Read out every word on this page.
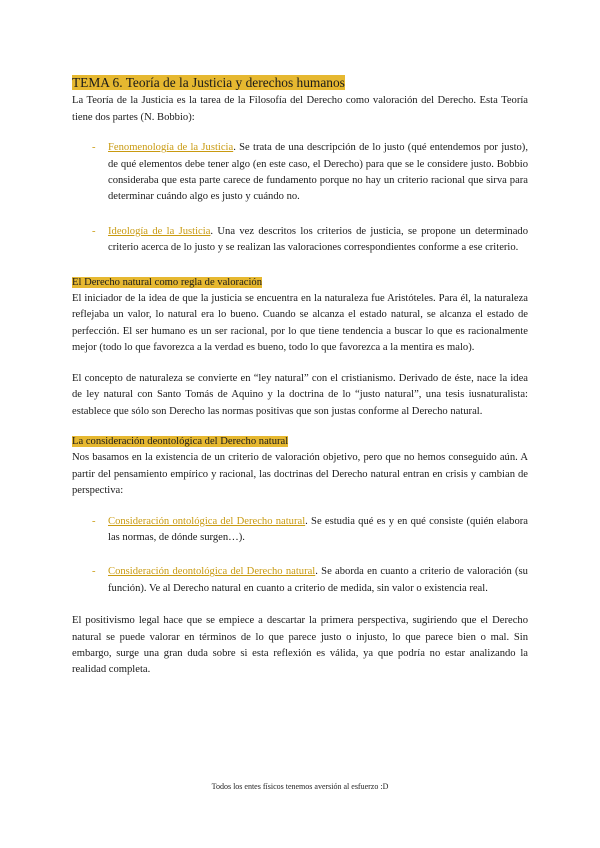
TEMA 6. Teoría de la Justicia y derechos humanos

La Teoría de la Justicia es la tarea de la Filosofía del Derecho como valoración del Derecho. Esta Teoría tiene dos partes (N. Bobbio):

- Fenomenología de la Justicia. Se trata de una descripción de lo justo (qué entendemos por justo), de qué elementos debe tener algo (en este caso, el Derecho) para que se le considere justo. Bobbio consideraba que esta parte carece de fundamento porque no hay un criterio racional que sirva para determinar cuándo algo es justo y cuándo no.
- Ideología de la Justicia. Una vez descritos los criterios de justicia, se propone un determinado criterio acerca de lo justo y se realizan las valoraciones correspondientes conforme a ese criterio.
El Derecho natural como regla de valoración

El iniciador de la idea de que la justicia se encuentra en la naturaleza fue Aristóteles. Para él, la naturaleza reflejaba un valor, lo natural era lo bueno. Cuando se alcanza el estado natural, se alcanza el estado de perfección. El ser humano es un ser racional, por lo que tiene tendencia a buscar lo que es racionalmente mejor (todo lo que favorezca a la verdad es bueno, todo lo que favorezca a la mentira es malo).

El concepto de naturaleza se convierte en “ley natural” con el cristianismo. Derivado de éste, nace la idea de ley natural con Santo Tomás de Aquino y la doctrina de lo “justo natural”, una tesis iusnaturalista: establece que sólo son Derecho las normas positivas que son justas conforme al Derecho natural.

La consideración deontológica del Derecho natural

Nos basamos en la existencia de un criterio de valoración objetivo, pero que no hemos conseguido aún. A partir del pensamiento empírico y racional, las doctrinas del Derecho natural entran en crisis y cambian de perspectiva:

- Consideración ontológica del Derecho natural. Se estudia qué es y en qué consiste (quién elabora las normas, de dónde surgen…).
- Consideración deontológica del Derecho natural. Se aborda en cuanto a criterio de valoración (su función). Ve al Derecho natural en cuanto a criterio de medida, sin valor o existencia real.

El positivismo legal hace que se empiece a descartar la primera perspectiva, sugiriendo que el Derecho natural se puede valorar en términos de lo que parece justo o injusto, lo que parece bien o mal. Sin embargo, surge una gran duda sobre si esta reflexión es válida, ya que podría no estar analizando la realidad completa.

Todos los entes físicos tenemos aversión al esfuerzo :D
